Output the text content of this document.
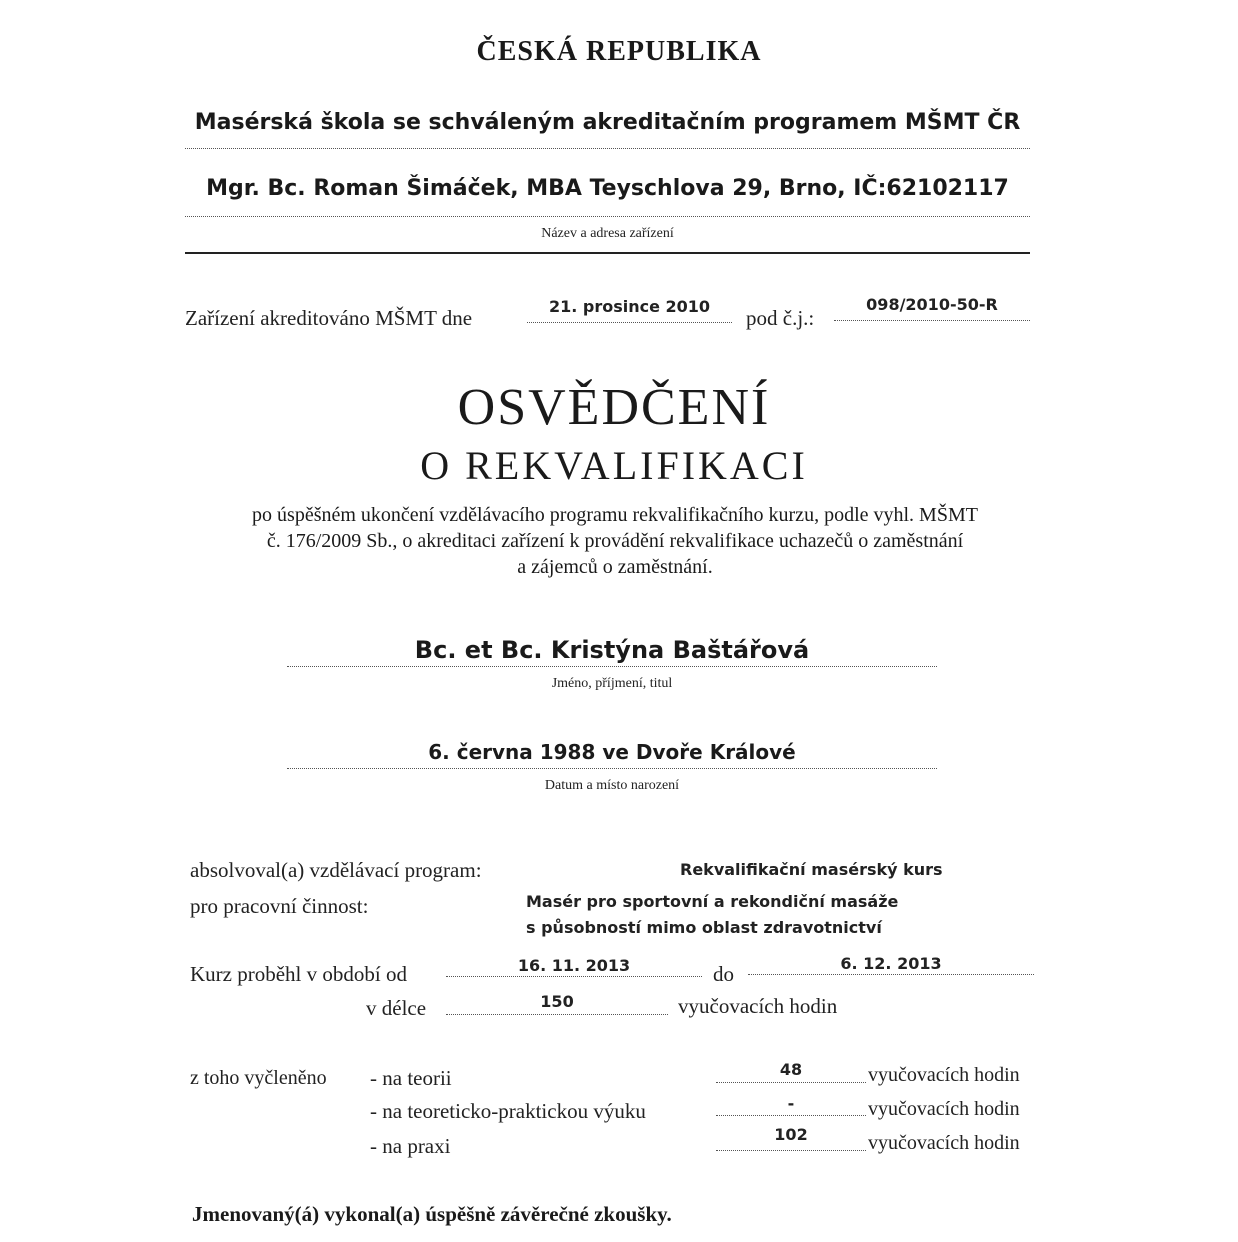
ČESKÁ REPUBLIKA
Masérská škola se schváleným akreditačním programem MŠMT ČR
Mgr. Bc. Roman Šimáček, MBA Teyschlova 29, Brno, IČ:62102117
Název a adresa zařízení
Zařízení akreditováno MŠMT dne	21. prosince 2010	pod č.j.:
098/2010-50-R
OSVĚDČENÍ
O REKVALIFIKACI
po úspěšném ukončení vzdělávacího programu rekvalifikačního kurzu, podle vyhl. MŠMT
č. 176/2009 Sb., o akreditaci zařízení k provádění rekvalifikace uchazečů o zaměstnání
a zájemců o zaměstnání.
Bc. et Bc. Kristýna Baštářová
Jméno, příjmení, titul
6. června 1988 ve Dvoře Králové
Datum a místo narození
absolvoval(a) vzdělávací program:	Rekvalifikační masérský kurs
pro pracovní činnost:	Masér pro sportovní a rekondiční masáže
s působností mimo oblast zdravotnictví
Kurz proběhl v období od	16. 11. 2013	do	6. 12. 2013
v délce	150	vyučovacích hodin
z toho vyčleněno - na teorii	48	vyučovacích hodin
- na teoreticko-praktickou výuku	-	vyučovacích hodin
- na praxi	102	vyučovacích hodin
Jmenovaný(á) vykonal(a) úspěšně závěrečné zkoušky.
